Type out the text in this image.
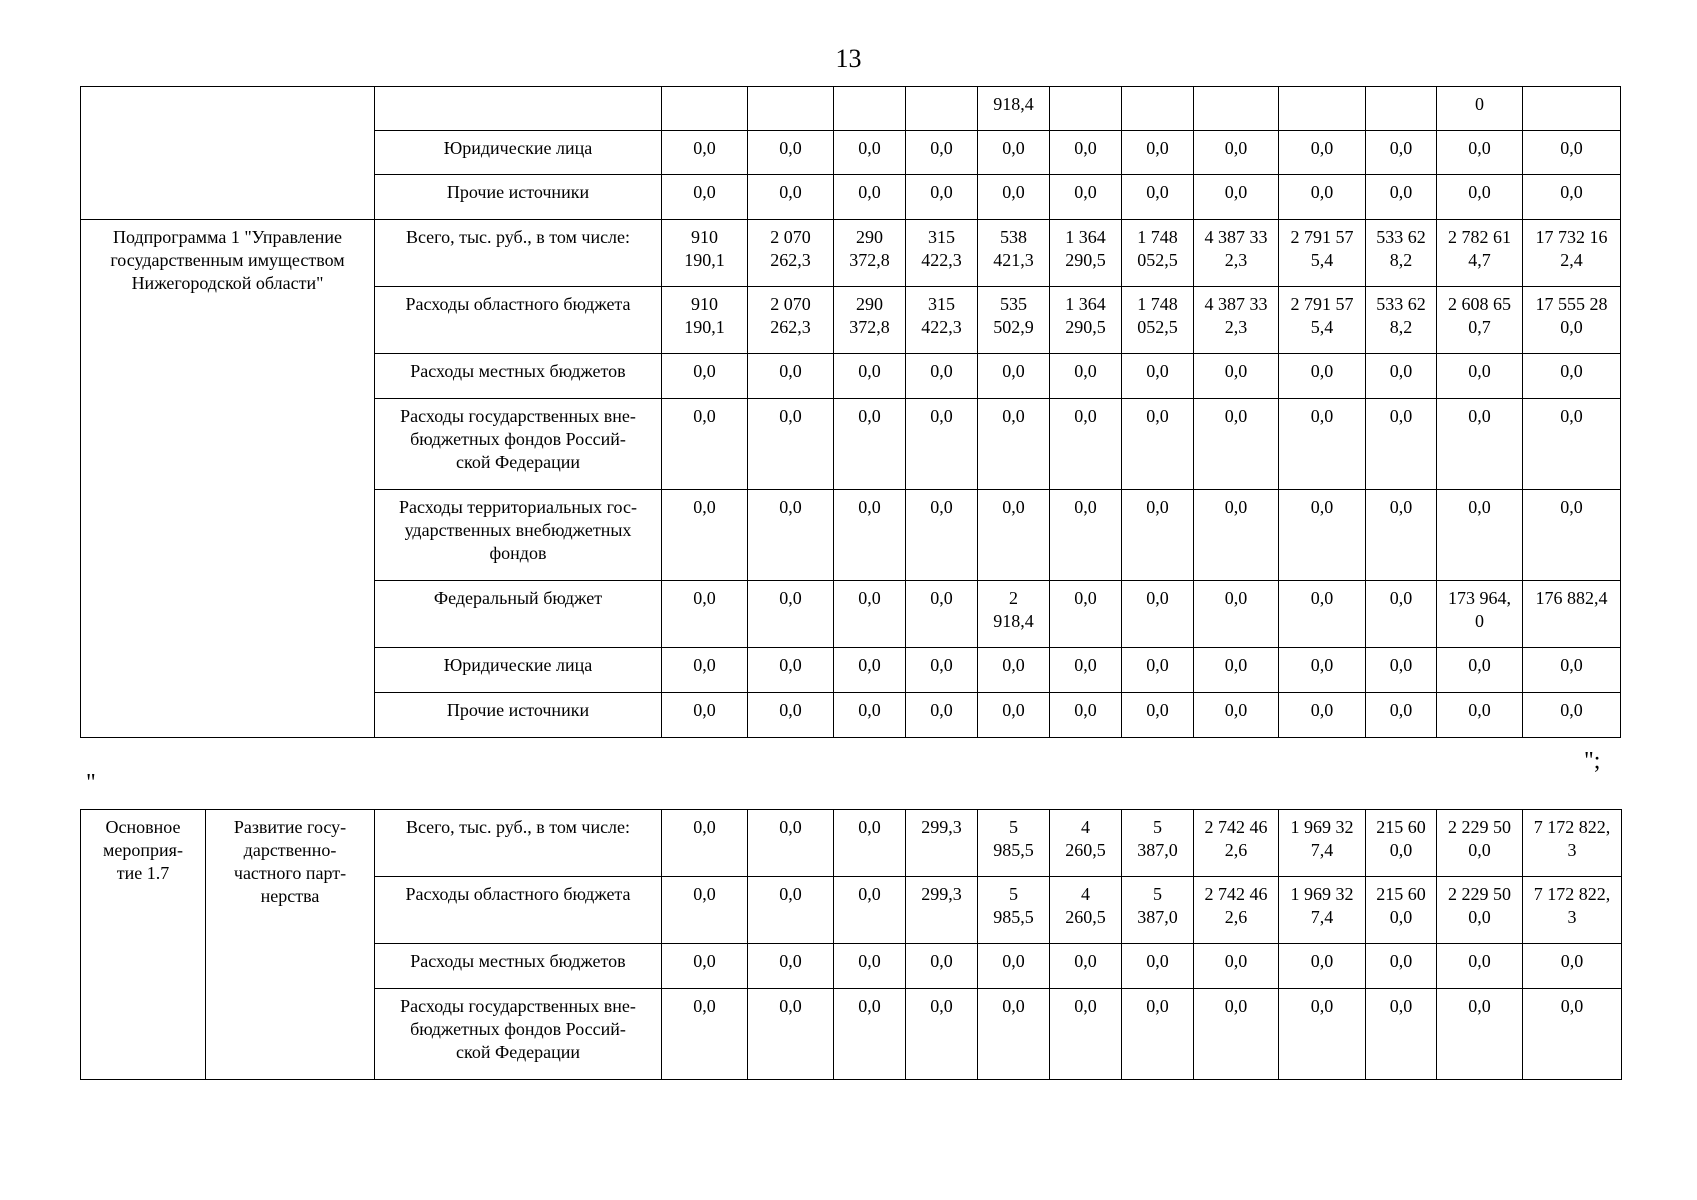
13
						918,4						0	
	Юридические лица	0,0	0,0	0,0	0,0	0,0	0,0	0,0	0,0	0,0	0,0	0,0	0,0
	Прочие источники	0,0	0,0	0,0	0,0	0,0	0,0	0,0	0,0	0,0	0,0	0,0	0,0
Подпрограмма 1 "Управление государственным имуществом Нижегородской области"	Всего, тыс. руб., в том числе:	910
190,1	2 070
262,3	290
372,8	315
422,3	538
421,3	1 364
290,5	1 748
052,5	4 387 33
2,3	2 791 57
5,4	533 62
8,2	2 782 61
4,7	17 732 16
2,4
	Расходы областного бюджета	910
190,1	2 070
262,3	290
372,8	315
422,3	535
502,9	1 364
290,5	1 748
052,5	4 387 33
2,3	2 791 57
5,4	533 62
8,2	2 608 65
0,7	17 555 28
0,0
	Расходы местных бюджетов	0,0	0,0	0,0	0,0	0,0	0,0	0,0	0,0	0,0	0,0	0,0	0,0
	Расходы государственных вне-
бюджетных фондов Россий-
ской Федерации	0,0	0,0	0,0	0,0	0,0	0,0	0,0	0,0	0,0	0,0	0,0	0,0
	Расходы территориальных гос-
ударственных внебюджетных
фондов	0,0	0,0	0,0	0,0	0,0	0,0	0,0	0,0	0,0	0,0	0,0	0,0
	Федеральный бюджет	0,0	0,0	0,0	0,0	2
918,4	0,0	0,0	0,0	0,0	0,0	173 964,
0	176 882,4
	Юридические лица	0,0	0,0	0,0	0,0	0,0	0,0	0,0	0,0	0,0	0,0	0,0	0,0
	Прочие источники	0,0	0,0	0,0	0,0	0,0	0,0	0,0	0,0	0,0	0,0	0,0	0,0
";
"
Основное
мероприя-
тие 1.7	Развитие госу-
дарственно-
частного парт-
нерства	Всего, тыс. руб., в том числе:	0,0	0,0	0,0	299,3	5
985,5	4
260,5	5
387,0	2 742 46
2,6	1 969 32
7,4	215 60
0,0	2 229 50
0,0	7 172 822,
3
		Расходы областного бюджета	0,0	0,0	0,0	299,3	5
985,5	4
260,5	5
387,0	2 742 46
2,6	1 969 32
7,4	215 60
0,0	2 229 50
0,0	7 172 822,
3
		Расходы местных бюджетов	0,0	0,0	0,0	0,0	0,0	0,0	0,0	0,0	0,0	0,0	0,0	0,0
		Расходы государственных вне-
бюджетных фондов Россий-
ской Федерации	0,0	0,0	0,0	0,0	0,0	0,0	0,0	0,0	0,0	0,0	0,0	0,0
